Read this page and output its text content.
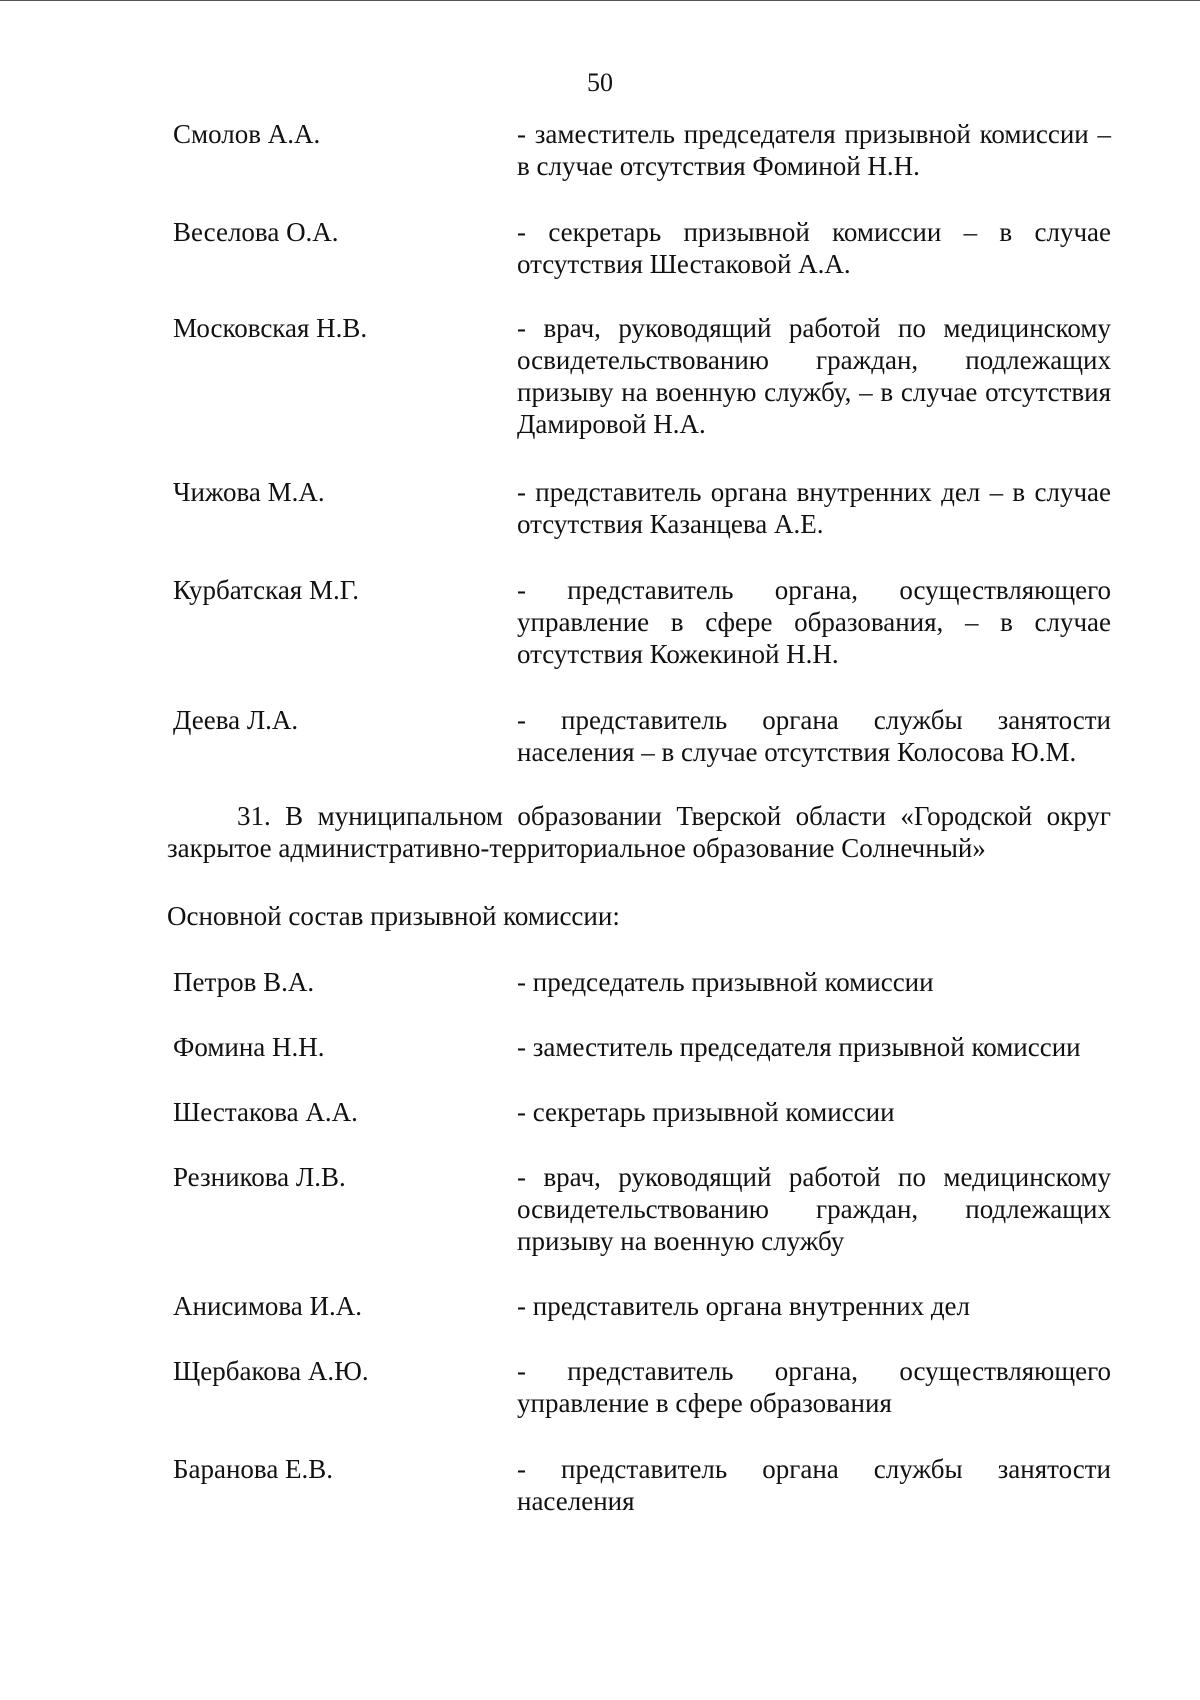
50
Смолов А.А.	- заместитель председателя призывной комиссии – в случае отсутствия Фоминой Н.Н.
Веселова О.А.	- секретарь призывной комиссии – в случае отсутствия Шестаковой А.А.
Московская Н.В.	- врач, руководящий работой по медицинскому освидетельствованию граждан, подлежащих призыву на военную службу, – в случае отсутствия Дамировой Н.А.
Чижова М.А.	- представитель органа внутренних дел – в случае отсутствия Казанцева А.Е.
Курбатская М.Г.	- представитель органа, осуществляющего управление в сфере образования, – в случае отсутствия Кожекиной Н.Н.
Деева Л.А.	- представитель органа службы занятости населения – в случае отсутствия Колосова Ю.М.
31. В муниципальном образовании Тверской области «Городской округ закрытое административно-территориальное образование Солнечный»
Основной состав призывной комиссии:
Петров В.А.	- председатель призывной комиссии
Фомина Н.Н.	- заместитель председателя призывной комиссии
Шестакова А.А.	- секретарь призывной комиссии
Резникова Л.В.	- врач, руководящий работой по медицинскому освидетельствованию граждан, подлежащих призыву на военную службу
Анисимова И.А.	- представитель органа внутренних дел
Щербакова А.Ю.	- представитель органа, осуществляющего управление в сфере образования
Баранова Е.В.	- представитель органа службы занятости населения
